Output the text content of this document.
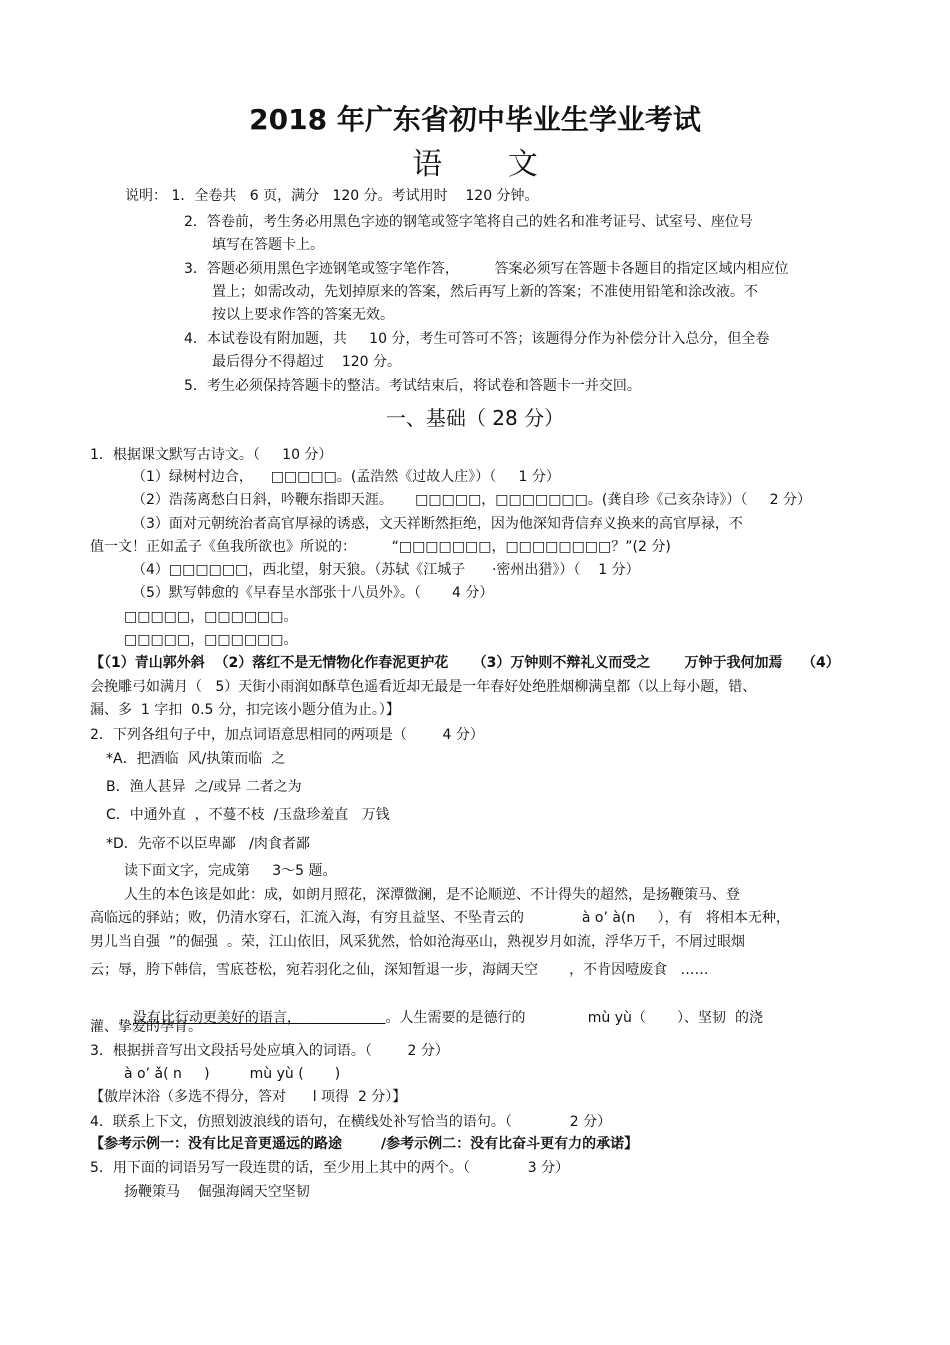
2018 年广东省初中毕业生学业考试
语 文
说明： 1．全卷共   6 页，满分   120 分。考试用时    120 分钟。
2．答卷前，考生务必用黑色字迹的钢笔或签字笔将自己的姓名和准考证号、试室号、座位号
填写在答题卡上。
3．答题必须用黑色字迹钢笔或签字笔作答，        答案必须写在答题卡各题目的指定区域内相应位
置上；如需改动，先划掉原来的答案，然后再写上新的答案；不准使用铅笔和涂改液。不
按以上要求作答的答案无效。
4．本试卷设有附加题，共     10 分，考生可答可不答；该题得分作为补偿分计入总分，但全卷
最后得分不得超过    120 分。
5．考生必须保持答题卡的整洁。考试结束后，将试卷和答题卡一并交回。
一、基础（ 28 分）
1．根据课文默写古诗文。（     10 分）
（1）绿树村边合，    □□□□□。(孟浩然《过故人庄》）（     1 分）
（2）浩荡离愁白日斜，吟鞭东指即天涯。     □□□□□，□□□□□□□。(龚自珍《己亥杂诗》）（     2 分）
（3）面对元朝统治者高官厚禄的诱惑，文天祥断然拒绝，因为他深知背信弃义换来的高官厚禄，不
值一文！正如孟子《鱼我所欲也》所说的：        “□□□□□□□，□□□□□□□□？”(2 分)
（4）□□□□□□，西北望，射天狼。（苏轼《江城子      ·密州出猎》）（    1 分）
（5）默写韩愈的《早春呈水部张十八员外》。（       4 分）
□□□□□，□□□□□□。
□□□□□，□□□□□□。
【（1）青山郭外斜  （2）落红不是无情物化作春泥更护花     （3）万钟则不辩礼义而受之       万钟于我何加焉    （4）
会挽雕弓如满月（   5）天街小雨润如酥草色遥看近却无最是一年春好处绝胜烟柳满皇都（以上每小题，错、
漏、多  1 字扣  0.5 分，扣完该小题分值为止。）】
2．下列各组句子中，加点词语意思相同的两项是（        4 分）
*A．把酒临  风/执策而临  之
B．渔人甚异  之/或异 二者之为
C．中通外直  ，不蔓不枝  /玉盘珍羞直   万钱
*D．先帝不以臣卑鄙   /肉食者鄙
读下面文字，完成第     3～5 题。
人生的本色该是如此：成，如朗月照花，深潭微澜，是不论顺逆、不计得失的超然，是扬鞭策马、登
高临远的驿站；败，仍清水穿石，汇流入海，有穷且益坚、不坠青云的             à o’ à(n     ），有   将相本无种，
男儿当自强  ”的倔强  。荣，江山依旧，风采犹然，恰如沧海巫山，熟视岁月如流，浮华万千，不屑过眼烟
云；辱，胯下韩信，雪底苍松，宛若羽化之仙，深知暂退一步，海阔天空       ，不肯因噎废食   ……

没有比行动更美好的语言，	。人生需要的是德行的              mù yù（       ）、坚韧  的浇

灌、挚爱的孕育。
3．根据拼音写出文段括号处应填入的词语。（        2 分）
à o’ ǎ( n     )         mù yù (       )
【傲岸沐浴（多选不得分，答对      l 项得  2 分）】
4．联系上下文，仿照划波浪线的语句，在横线处补写恰当的语句。（             2 分）
【参考示例一：没有比足音更遥远的路途        /参考示例二：没有比奋斗更有力的承诺】
5．用下面的词语另写一段连贯的话，至少用上其中的两个。（             3 分）
扬鞭策马    倔强海阔天空坚韧
